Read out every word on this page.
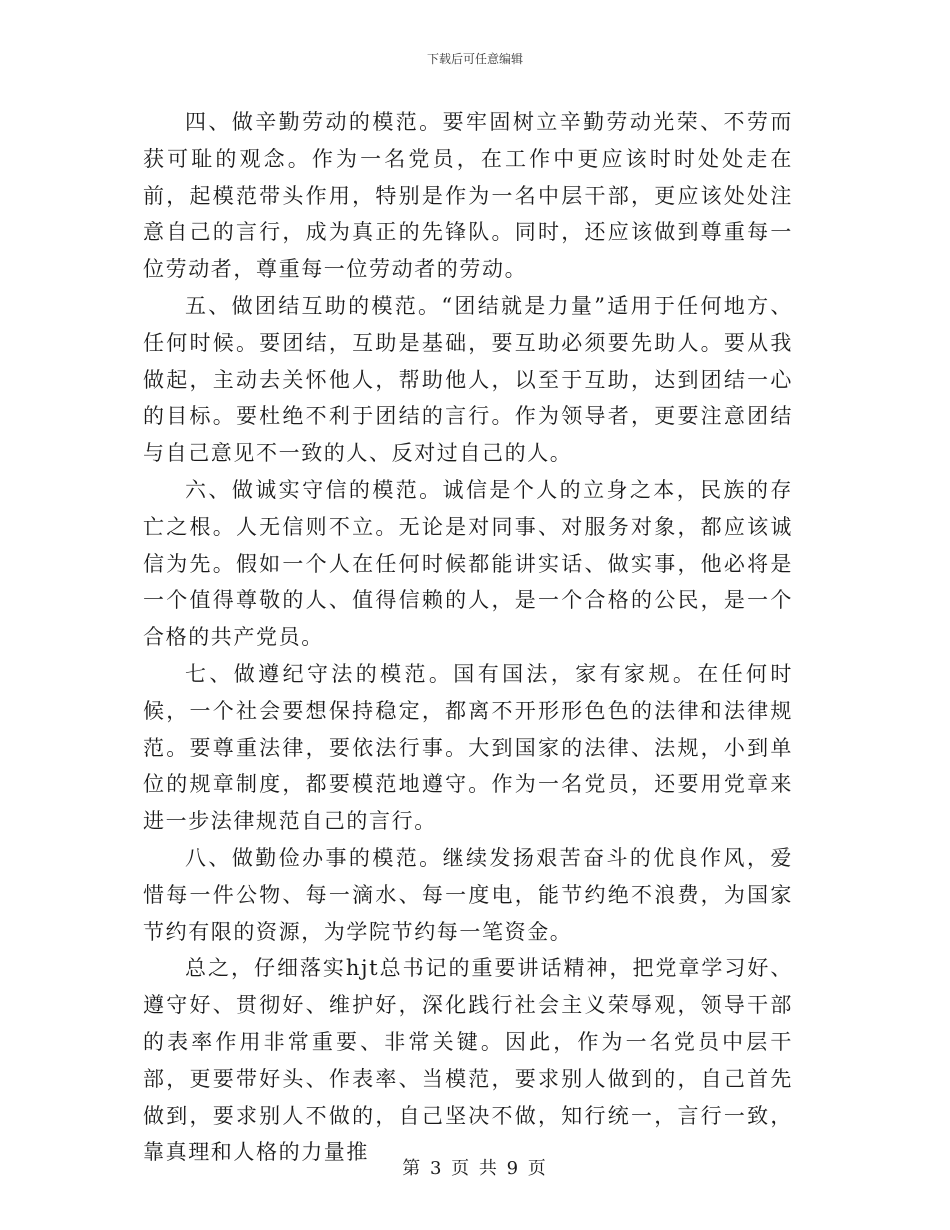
下载后可任意编辑

四、做辛勤劳动的模范。要牢固树立辛勤劳动光荣、不劳而获可耻的观念。作为一名党员，在工作中更应该时时处处走在前，起模范带头作用，特别是作为一名中层干部，更应该处处注意自己的言行，成为真正的先锋队。同时，还应该做到尊重每一位劳动者，尊重每一位劳动者的劳动。

五、做团结互助的模范。“团结就是力量”适用于任何地方、任何时候。要团结，互助是基础，要互助必须要先助人。要从我做起，主动去关怀他人，帮助他人，以至于互助，达到团结一心的目标。要杜绝不利于团结的言行。作为领导者，更要注意团结与自己意见不一致的人、反对过自己的人。

六、做诚实守信的模范。诚信是个人的立身之本，民族的存亡之根。人无信则不立。无论是对同事、对服务对象，都应该诚信为先。假如一个人在任何时候都能讲实话、做实事，他必将是一个值得尊敬的人、值得信赖的人，是一个合格的公民，是一个合格的共产党员。

七、做遵纪守法的模范。国有国法，家有家规。在任何时候，一个社会要想保持稳定，都离不开形形色色的法律和法律规范。要尊重法律，要依法行事。大到国家的法律、法规，小到单位的规章制度，都要模范地遵守。作为一名党员，还要用党章来进一步法律规范自己的言行。

八、做勤俭办事的模范。继续发扬艰苦奋斗的优良作风，爱惜每一件公物、每一滴水、每一度电，能节约绝不浪费，为国家节约有限的资源，为学院节约每一笔资金。

总之，仔细落实hjt总书记的重要讲话精神，把党章学习好、遵守好、贯彻好、维护好，深化践行社会主义荣辱观，领导干部的表率作用非常重要、非常关键。因此，作为一名党员中层干部，更要带好头、作表率、当模范，要求别人做到的，自己首先做到，要求别人不做的，自己坚决不做，知行统一，言行一致，靠真理和人格的力量推

第 3 页 共 9 页
